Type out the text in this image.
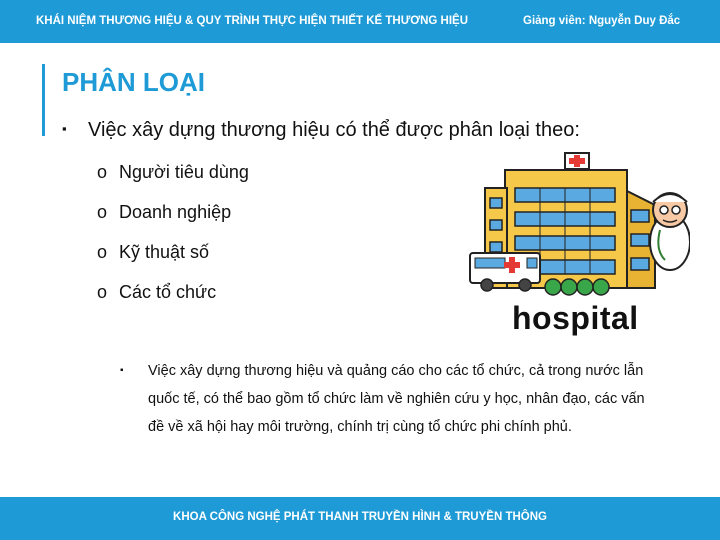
KHÁI NIỆM THƯƠNG HIỆU & QUY TRÌNH THỰC HIỆN THIẾT KẾ THƯƠNG HIỆU	Giảng viên: Nguyễn Duy Đắc
PHÂN LOẠI
▪ Việc xây dựng thương hiệu có thể được phân loại theo:
o Người tiêu dùng
o Doanh nghiệp
o Kỹ thuật số
o Các tổ chức
hospital
▪ Việc xây dựng thương hiệu và quảng cáo cho các tổ chức, cả trong nước lẫn quốc tế, có thể bao gồm tổ chức làm về nghiên cứu y học, nhân đạo, các vấn đề về xã hội hay môi trường, chính trị cùng tổ chức phi chính phủ.
KHOA CÔNG NGHỆ PHÁT THANH TRUYỀN HÌNH & TRUYỀN THÔNG
